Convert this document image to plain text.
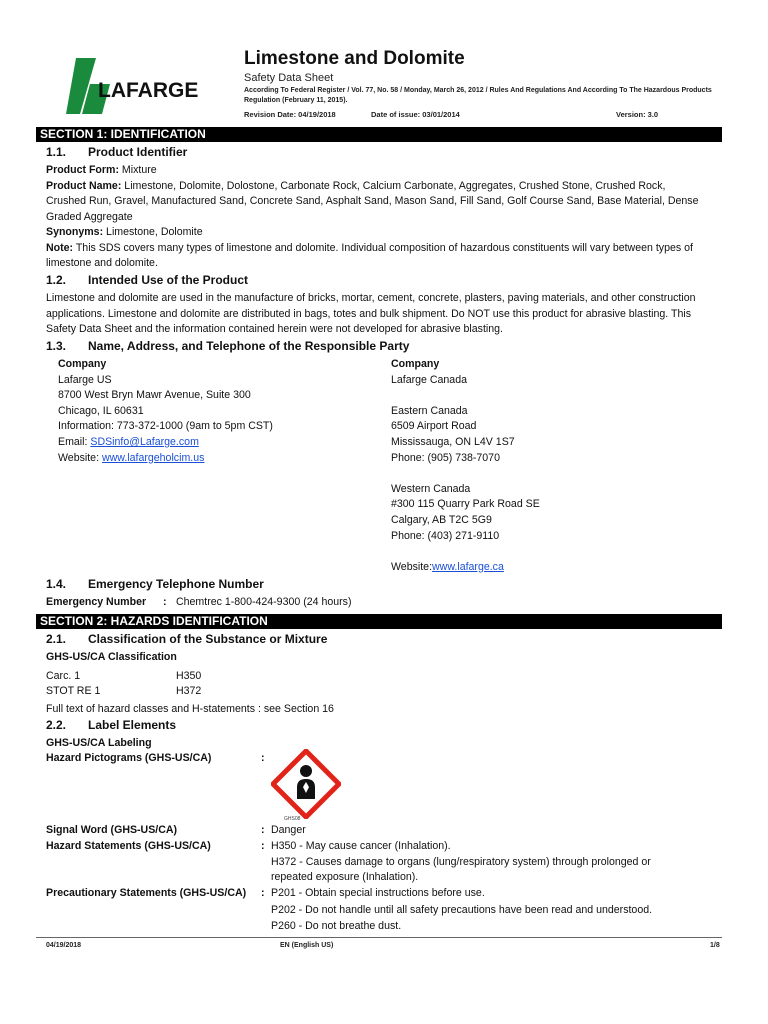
LAFARGE
Limestone and Dolomite
Safety Data Sheet
According To Federal Register / Vol. 77, No. 58 / Monday, March 26, 2012 / Rules And Regulations And According To The Hazardous Products Regulation (February 11, 2015).
Revision Date: 04/19/2018	Date of issue: 03/01/2014	Version: 3.0
SECTION 1: IDENTIFICATION
1.1. Product Identifier
Product Form: Mixture
Product Name: Limestone, Dolomite, Dolostone, Carbonate Rock, Calcium Carbonate, Aggregates, Crushed Stone, Crushed Rock, Crushed Run, Gravel, Manufactured Sand, Concrete Sand, Asphalt Sand, Mason Sand, Fill Sand, Golf Course Sand, Base Material, Dense Graded Aggregate
Synonyms: Limestone, Dolomite
Note: This SDS covers many types of limestone and dolomite. Individual composition of hazardous constituents will vary between types of limestone and dolomite.
1.2. Intended Use of the Product
Limestone and dolomite are used in the manufacture of bricks, mortar, cement, concrete, plasters, paving materials, and other construction applications. Limestone and dolomite are distributed in bags, totes and bulk shipment. Do NOT use this product for abrasive blasting. This Safety Data Sheet and the information contained herein were not developed for abrasive blasting.
1.3. Name, Address, and Telephone of the Responsible Party
Company
Lafarge US
8700 West Bryn Mawr Avenue, Suite 300
Chicago, IL 60631
Information: 773-372-1000 (9am to 5pm CST)
Email: SDSinfo@Lafarge.com
Website: www.lafargeholcim.us
Company
Lafarge Canada

Eastern Canada
6509 Airport Road
Mississauga, ON L4V 1S7
Phone: (905) 738-7070

Western Canada
#300 115 Quarry Park Road SE
Calgary, AB T2C 5G9
Phone: (403) 271-9110

Website:www.lafarge.ca
1.4. Emergency Telephone Number
Emergency Number : Chemtrec 1-800-424-9300 (24 hours)
SECTION 2: HAZARDS IDENTIFICATION
2.1. Classification of the Substance or Mixture
GHS-US/CA Classification
Carc. 1	H350
STOT RE 1	H372
Full text of hazard classes and H-statements : see Section 16
2.2. Label Elements
GHS-US/CA Labeling
Hazard Pictograms (GHS-US/CA)	:
GHS08
Signal Word (GHS-US/CA)	: Danger
Hazard Statements (GHS-US/CA)	: H350 - May cause cancer (Inhalation).
H372 - Causes damage to organs (lung/respiratory system) through prolonged or
repeated exposure (Inhalation).
Precautionary Statements (GHS-US/CA) : P201 - Obtain special instructions before use.
P202 - Do not handle until all safety precautions have been read and understood.
P260 - Do not breathe dust.
04/19/2018	EN (English US)	1/8
